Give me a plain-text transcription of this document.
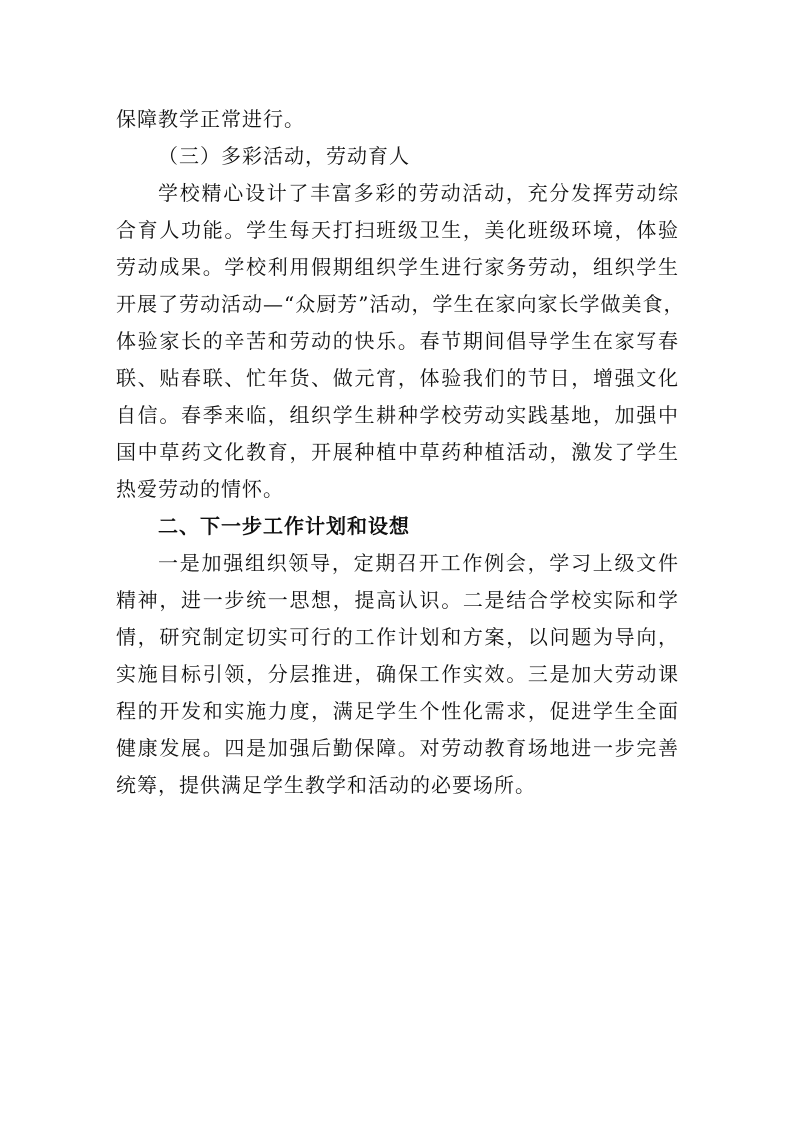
保障教学正常进行。
（三）多彩活动，劳动育人
学校精心设计了丰富多彩的劳动活动，充分发挥劳动综
合育人功能。学生每天打扫班级卫生，美化班级环境，体验
劳动成果。学校利用假期组织学生进行家务劳动，组织学生
开展了劳动活动—“众厨芳”活动，学生在家向家长学做美食，
体验家长的辛苦和劳动的快乐。春节期间倡导学生在家写春
联、贴春联、忙年货、做元宵，体验我们的节日，增强文化
自信。春季来临，组织学生耕种学校劳动实践基地，加强中
国中草药文化教育，开展种植中草药种植活动，激发了学生
热爱劳动的情怀。
二、下一步工作计划和设想
一是加强组织领导，定期召开工作例会，学习上级文件
精神，进一步统一思想，提高认识。二是结合学校实际和学
情，研究制定切实可行的工作计划和方案，以问题为导向，
实施目标引领，分层推进，确保工作实效。三是加大劳动课
程的开发和实施力度，满足学生个性化需求，促进学生全面
健康发展。四是加强后勤保障。对劳动教育场地进一步完善
统筹，提供满足学生教学和活动的必要场所。
